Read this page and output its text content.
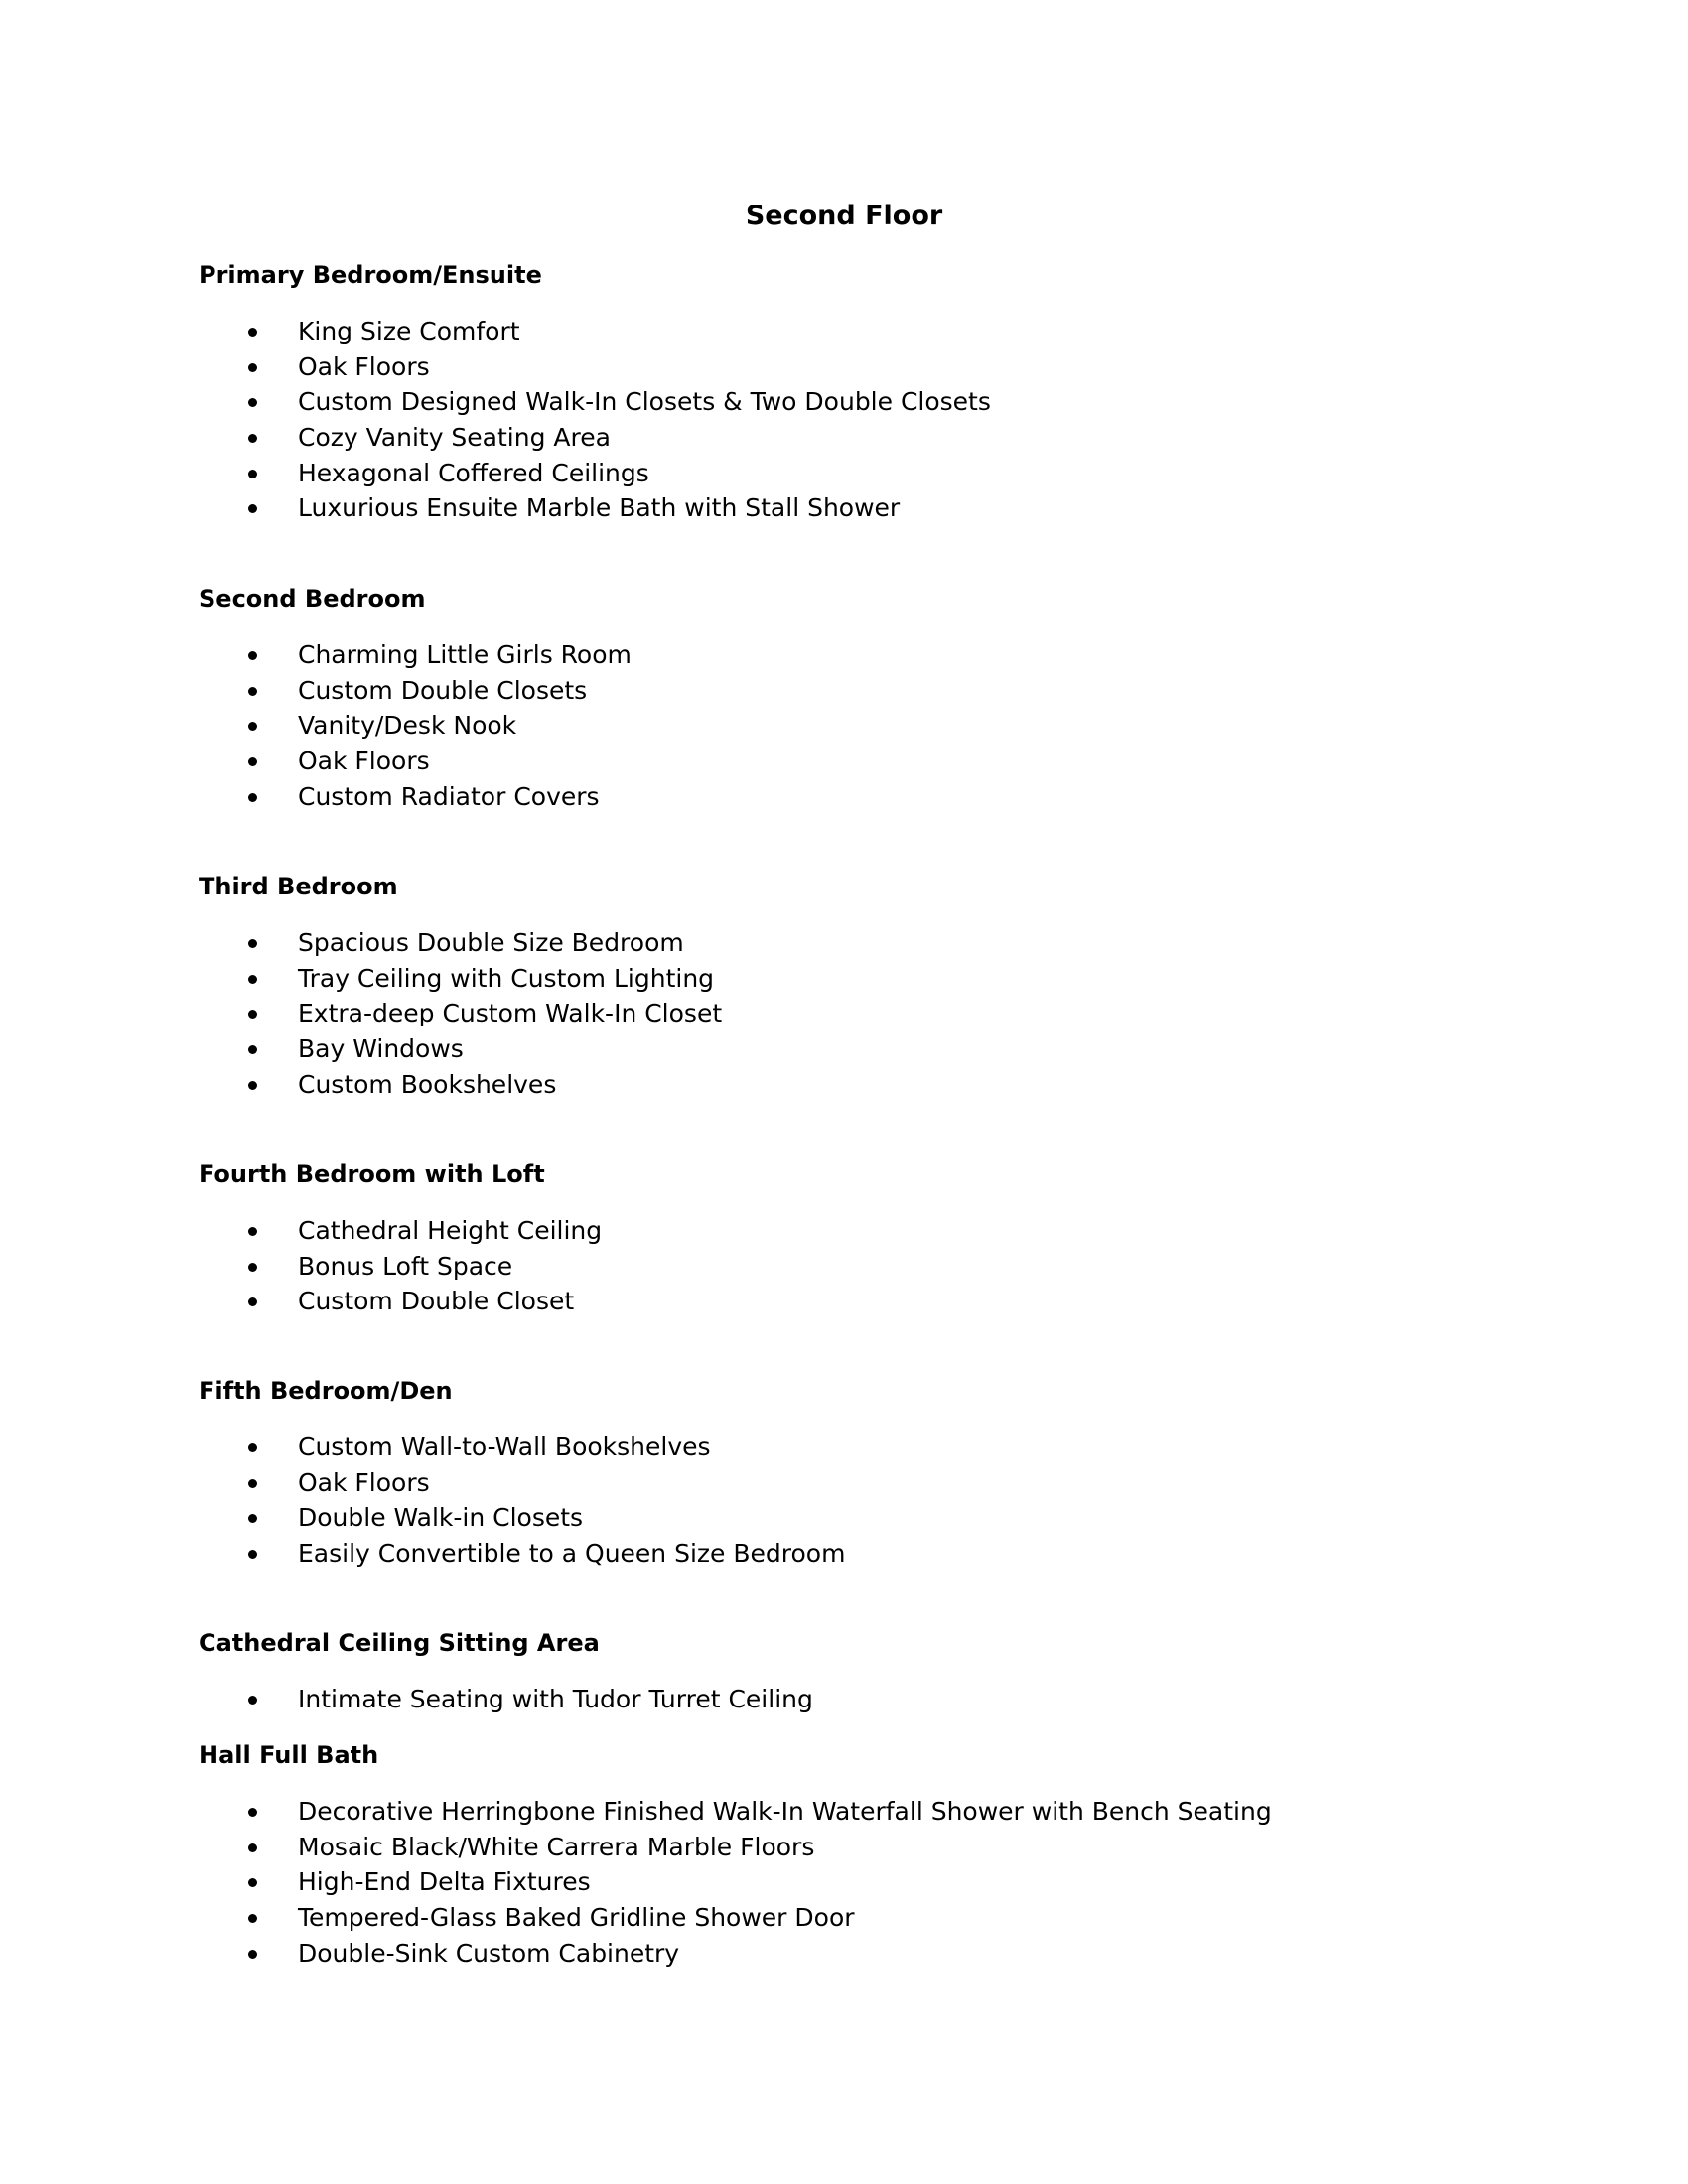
Second Floor
Primary Bedroom/Ensuite
King Size Comfort
Oak Floors
Custom Designed Walk-In Closets & Two Double Closets
Cozy Vanity Seating Area
Hexagonal Coffered Ceilings
Luxurious Ensuite Marble Bath with Stall Shower
Second Bedroom
Charming Little Girls Room
Custom Double Closets
Vanity/Desk Nook
Oak Floors
Custom Radiator Covers
Third Bedroom
Spacious Double Size Bedroom
Tray Ceiling with Custom Lighting
Extra-deep Custom Walk-In Closet
Bay Windows
Custom Bookshelves
Fourth Bedroom with Loft
Cathedral Height Ceiling
Bonus Loft Space
Custom Double Closet
Fifth Bedroom/Den
Custom Wall-to-Wall Bookshelves
Oak Floors
Double Walk-in Closets
Easily Convertible to a Queen Size Bedroom
Cathedral Ceiling Sitting Area
Intimate Seating with Tudor Turret Ceiling
Hall Full Bath
Decorative Herringbone Finished Walk-In Waterfall Shower with Bench Seating
Mosaic Black/White Carrera Marble Floors
High-End Delta Fixtures
Tempered-Glass Baked Gridline Shower Door
Double-Sink Custom Cabinetry
